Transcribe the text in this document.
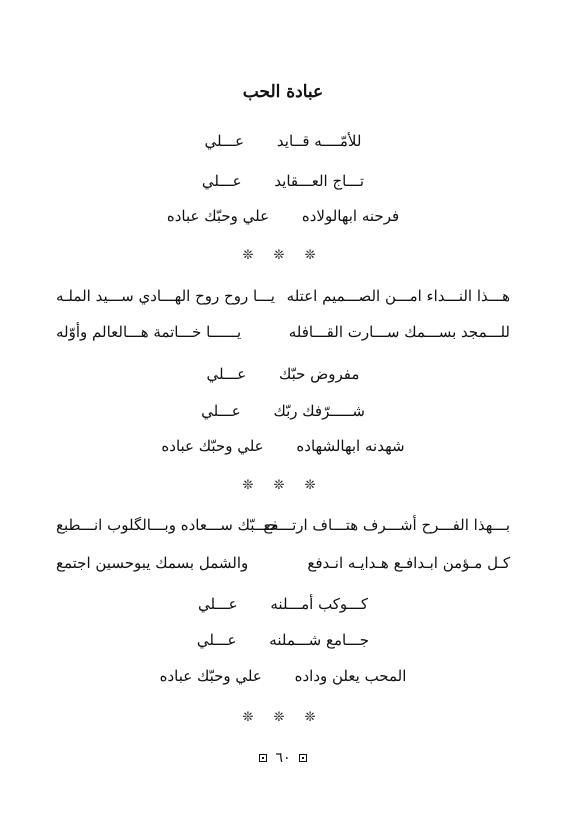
عبادة الحب
للأمّــــه قــايد عـــلي
تـــاج العـــقايد عـــلي
فرحنه ابهالولاده علي وحبّك عباده
❊ ❊ ❊
هـــذا النـــداء امـــن الصـــميم اعتله
يـــا روح روح الهـــادي ســـيد الملـه
للـــمجد بســـمك ســـارت القـــافله
يــــــا خـــاتمة هـــالعالم وأوّله
مفروض حبّك عـــلي
شـــــرّفك ربّك عـــلي
شهدنه ابهالشهاده علي وحبّك عباده
❊ ❊ ❊
بـــهذا الفـــرح أشـــرف هتـــاف ارتـــفع
حـــبّك ســـعاده وبـــالگلوب انـــطبع
كـل مـؤمن ابـدافـع هـدايـه انـدفع
والشمل بسمك يبوحسين اجتمع
كـــوكب أمـــلنه عـــلي
جـــامع شـــملنه عـــلي
المحب يعلن وداده علي وحبّك عباده
❊ ❊ ❊
٦٠
